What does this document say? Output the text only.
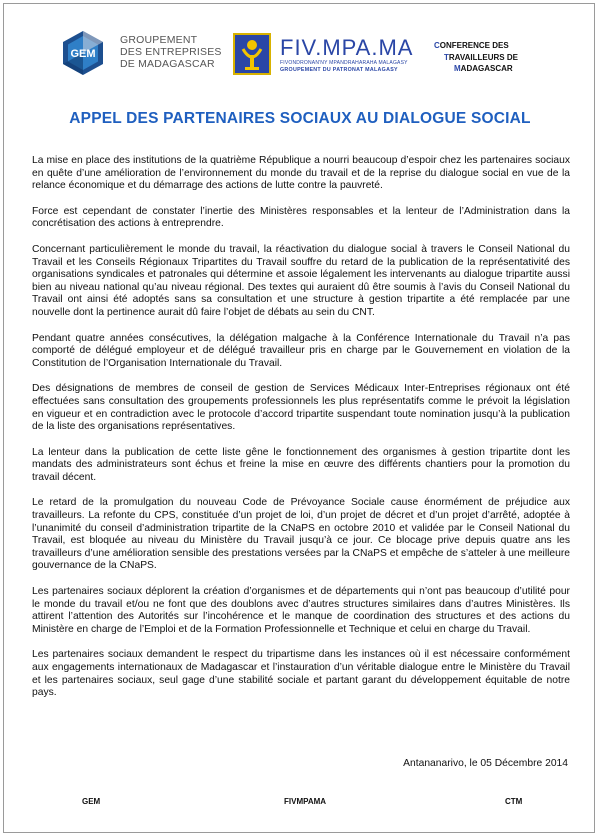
GEM
GROUPEMENT
DES ENTREPRISES
DE MADAGASCAR
FIV.MPA.MA
FIVONDRONAN'NY MPANDRAHARAHA MALAGASY
GROUPEMENT DU PATRONAT MALAGASY
CONFERENCE DES
TRAVAILLEURS DE
MADAGASCAR
APPEL DES PARTENAIRES SOCIAUX AU DIALOGUE SOCIAL

La mise en place des institutions de la quatrième République a nourri beaucoup d’espoir chez les partenaires sociaux en quête d’une amélioration de l’environnement du monde du travail et de la reprise du dialogue social en vue de la relance économique et du démarrage des actions de lutte contre la pauvreté.

Force est cependant de constater l’inertie des Ministères responsables et la lenteur de l’Administration dans la concrétisation des actions à entreprendre.

Concernant particulièrement le monde du travail, la réactivation du dialogue social à travers le Conseil National du Travail et les Conseils Régionaux Tripartites du Travail souffre du retard de la publication de la représentativité des organisations syndicales et patronales qui détermine et assoie légalement les intervenants au dialogue tripartite aussi bien au niveau national qu’au niveau régional. Des textes qui auraient dû être soumis à l’avis du Conseil National du Travail ont ainsi été adoptés sans sa consultation et une structure à gestion tripartite a été remplacée par une nouvelle dont la pertinence aurait dû faire l’objet de débats au sein du CNT.

Pendant quatre années consécutives, la délégation malgache à la Conférence Internationale du Travail n’a pas comporté de délégué employeur et de délégué travailleur pris en charge par le Gouvernement en violation de la Constitution de l’Organisation Internationale du Travail.

Des désignations de membres de conseil de gestion de Services Médicaux Inter-Entreprises régionaux ont été effectuées sans consultation des groupements professionnels les plus représentatifs comme le prévoit la législation en vigueur et en contradiction avec le protocole d’accord tripartite suspendant toute nomination jusqu’à la publication de la liste des organisations représentatives.

La lenteur dans la publication de cette liste gêne le fonctionnement des organismes à gestion tripartite dont les mandats des administrateurs sont échus et freine la mise en œuvre des différents chantiers pour la promotion du travail décent.

Le retard de la promulgation du nouveau Code de Prévoyance Sociale cause énormément de préjudice aux travailleurs. La refonte du CPS, constituée d’un projet de loi, d’un projet de décret et d’un projet d’arrêté, adoptée à l’unanimité du conseil d’administration tripartite de la CNaPS en octobre 2010 et validée par le Conseil National du Travail, est bloquée au niveau du Ministère du Travail jusqu’à ce jour. Ce blocage prive depuis quatre ans les travailleurs d’une amélioration sensible des prestations versées par la CNaPS et empêche de s’atteler à une meilleure gouvernance de la CNaPS.

Les partenaires sociaux déplorent la création d’organismes et de départements qui n’ont pas beaucoup d’utilité pour le monde du travail et/ou ne font que des doublons avec d’autres structures similaires dans d’autres Ministères. Ils attirent l’attention des Autorités sur l’incohérence et le manque de coordination des structures et des actions du Ministère en charge de l’Emploi et de la Formation Professionnelle et Technique et celui en charge du Travail.

Les partenaires sociaux demandent le respect du tripartisme dans les instances où il est nécessaire conformément aux engagements internationaux de Madagascar et l’instauration d’un véritable dialogue entre le Ministère du Travail et les partenaires sociaux, seul gage d’une stabilité sociale et partant garant du développement équitable de notre pays.

Antananarivo, le 05 Décembre 2014
GEM	FIVMPAMA	CTM
